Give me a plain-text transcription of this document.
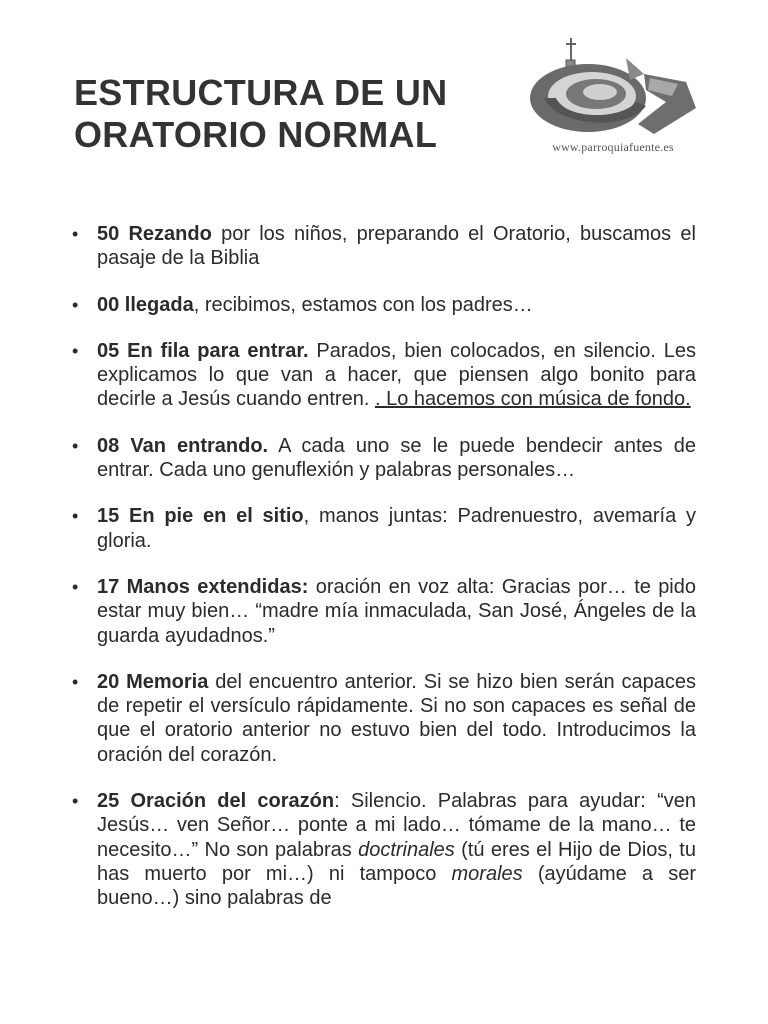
ESTRUCTURA DE UN
ORATORIO NORMAL	www.parroquiafuente.es
• 50 Rezando por los niños, preparando el Oratorio, buscamos el pasaje de la Biblia
• 00 llegada, recibimos, estamos con los padres…
• 05 En fila para entrar. Parados, bien colocados, en silencio. Les explicamos lo que van a hacer, que piensen algo bonito para decirle a Jesús cuando entren. . Lo hacemos con música de fondo.
• 08 Van entrando. A cada uno se le puede bendecir antes de entrar. Cada uno genuflexión y palabras personales…
• 15 En pie en el sitio, manos juntas: Padrenuestro, avemaría y gloria.
• 17 Manos extendidas: oración en voz alta: Gracias por… te pido estar muy bien… “madre mía inmaculada, San José, Ángeles de la guarda ayudadnos.”
• 20 Memoria del encuentro anterior. Si se hizo bien serán capaces de repetir el versículo rápidamente. Si no son capaces es señal de que el oratorio anterior no estuvo bien del todo. Introducimos la oración del corazón.
• 25 Oración del corazón: Silencio. Palabras para ayudar: “ven Jesús… ven Señor… ponte a mi lado… tómame de la mano… te necesito…” No son palabras doctrinales (tú eres el Hijo de Dios, tu has muerto por mi…) ni tampoco morales (ayúdame a ser bueno…) sino palabras de
